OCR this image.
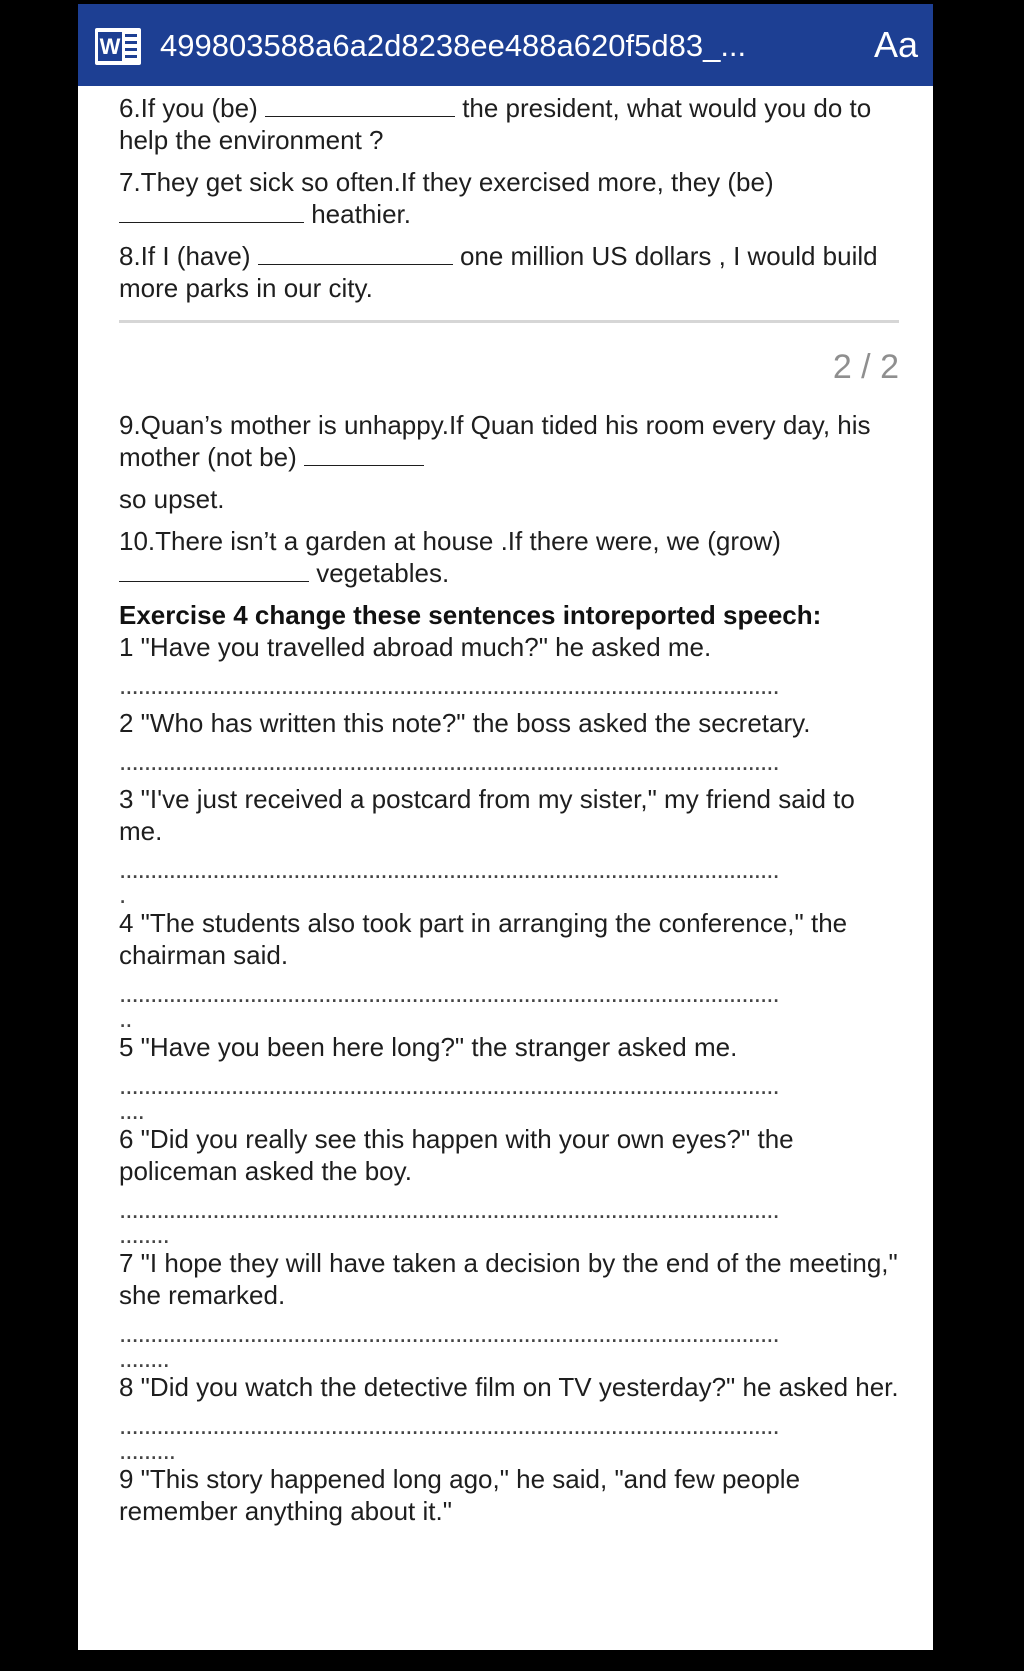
W 499803588a6a2d8238ee488a620f5d83_...	Aa

6.If you (be)	the president, what would you do to help the environment ?

7.They get sick so often.If they exercised more, they (be)  heathier.

8.If I (have)	one million US dollars , I would build more parks in our city.

2 / 2

9.Quan’s mother is unhappy.If Quan tided his room every day, his mother (not be)

so upset.

10.There isn’t a garden at house .If there were, we (grow)  vegetables.

Exercise 4 change these sentences intoreported speech:
1 "Have you travelled abroad much?" he asked me.
..........................................................................................................
2 "Who has written this note?" the boss asked the secretary.
..........................................................................................................
3 "I've just received a postcard from my sister," my friend said to me.
..........................................................................................................
.
4 "The students also took part in arranging the conference," the chairman said.
..........................................................................................................
..
5 "Have you been here long?" the stranger asked me.
..........................................................................................................
....
6 "Did you really see this happen with your own eyes?" the policeman asked the boy.
..........................................................................................................
........
7 "I hope they will have taken a decision by the end of the meeting," she remarked.
..........................................................................................................
........
8 "Did you watch the detective film on TV yesterday?" he asked her.
..........................................................................................................
.........
9 "This story happened long ago," he said, "and few people remember anything about it."
